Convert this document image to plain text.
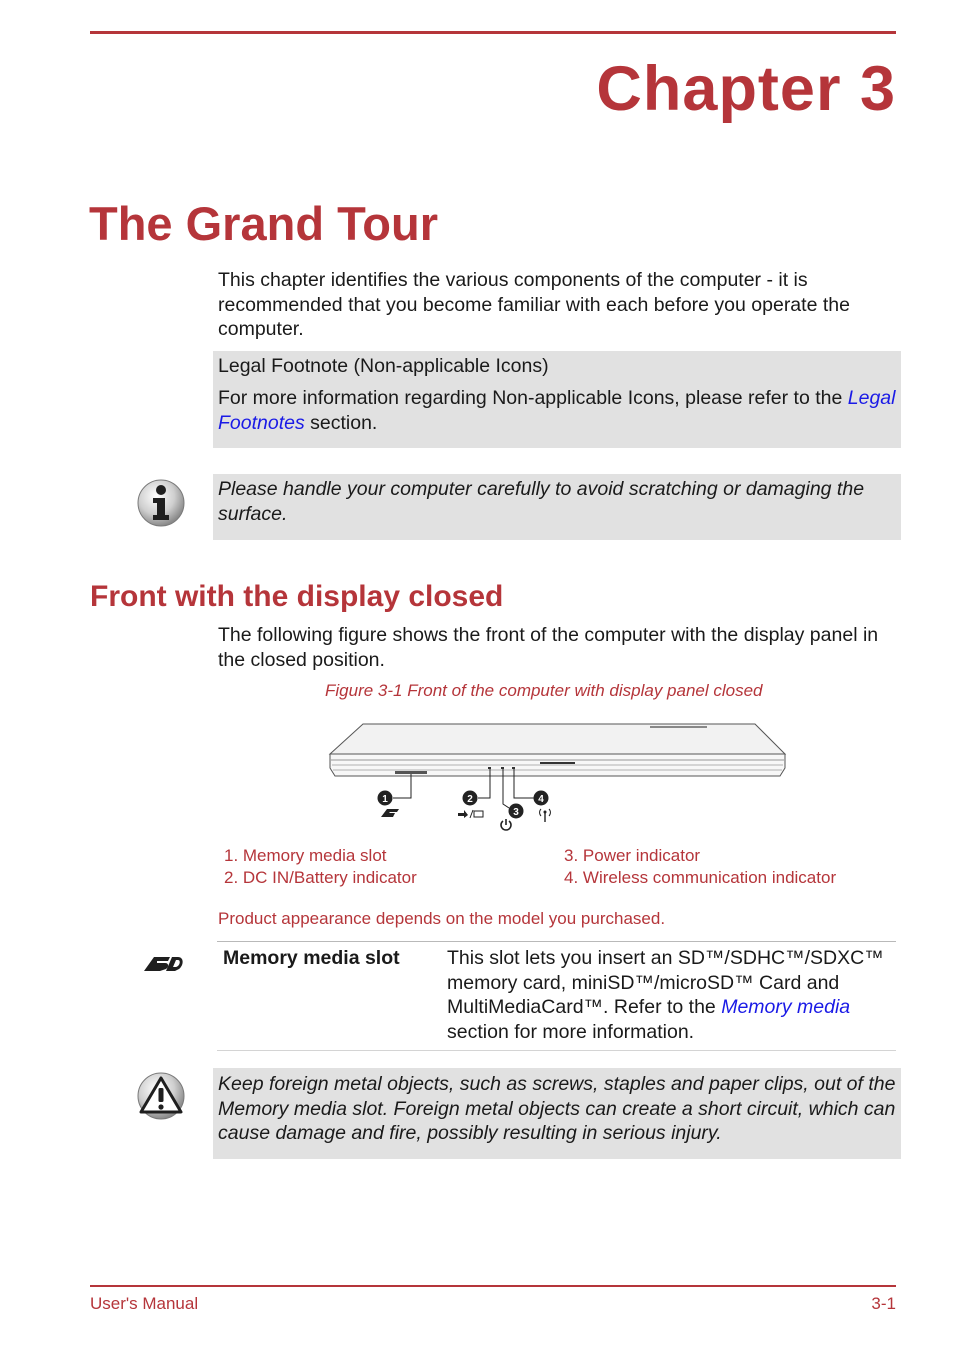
Chapter 3
The Grand Tour
This chapter identifies the various components of the computer - it is recommended that you become familiar with each before you operate the computer.
Legal Footnote (Non-applicable Icons)
For more information regarding Non-applicable Icons, please refer to the Legal Footnotes section.
Please handle your computer carefully to avoid scratching or damaging the surface.
Front with the display closed
The following figure shows the front of the computer with the display panel in the closed position.
Figure 3-1 Front of the computer with display panel closed
1	2
3
4
1. Memory media slot
2. DC IN/Battery indicator
3. Power indicator
4. Wireless communication indicator
Product appearance depends on the model you purchased.
Memory media slot This slot lets you insert an SD™/SDHC™/SDXC™ memory card, miniSD™/microSD™ Card and MultiMediaCard™. Refer to the Memory media section for more information.
Keep foreign metal objects, such as screws, staples and paper clips, out of the Memory media slot. Foreign metal objects can create a short circuit, which can cause damage and fire, possibly resulting in serious injury.
User's Manual	3-1
